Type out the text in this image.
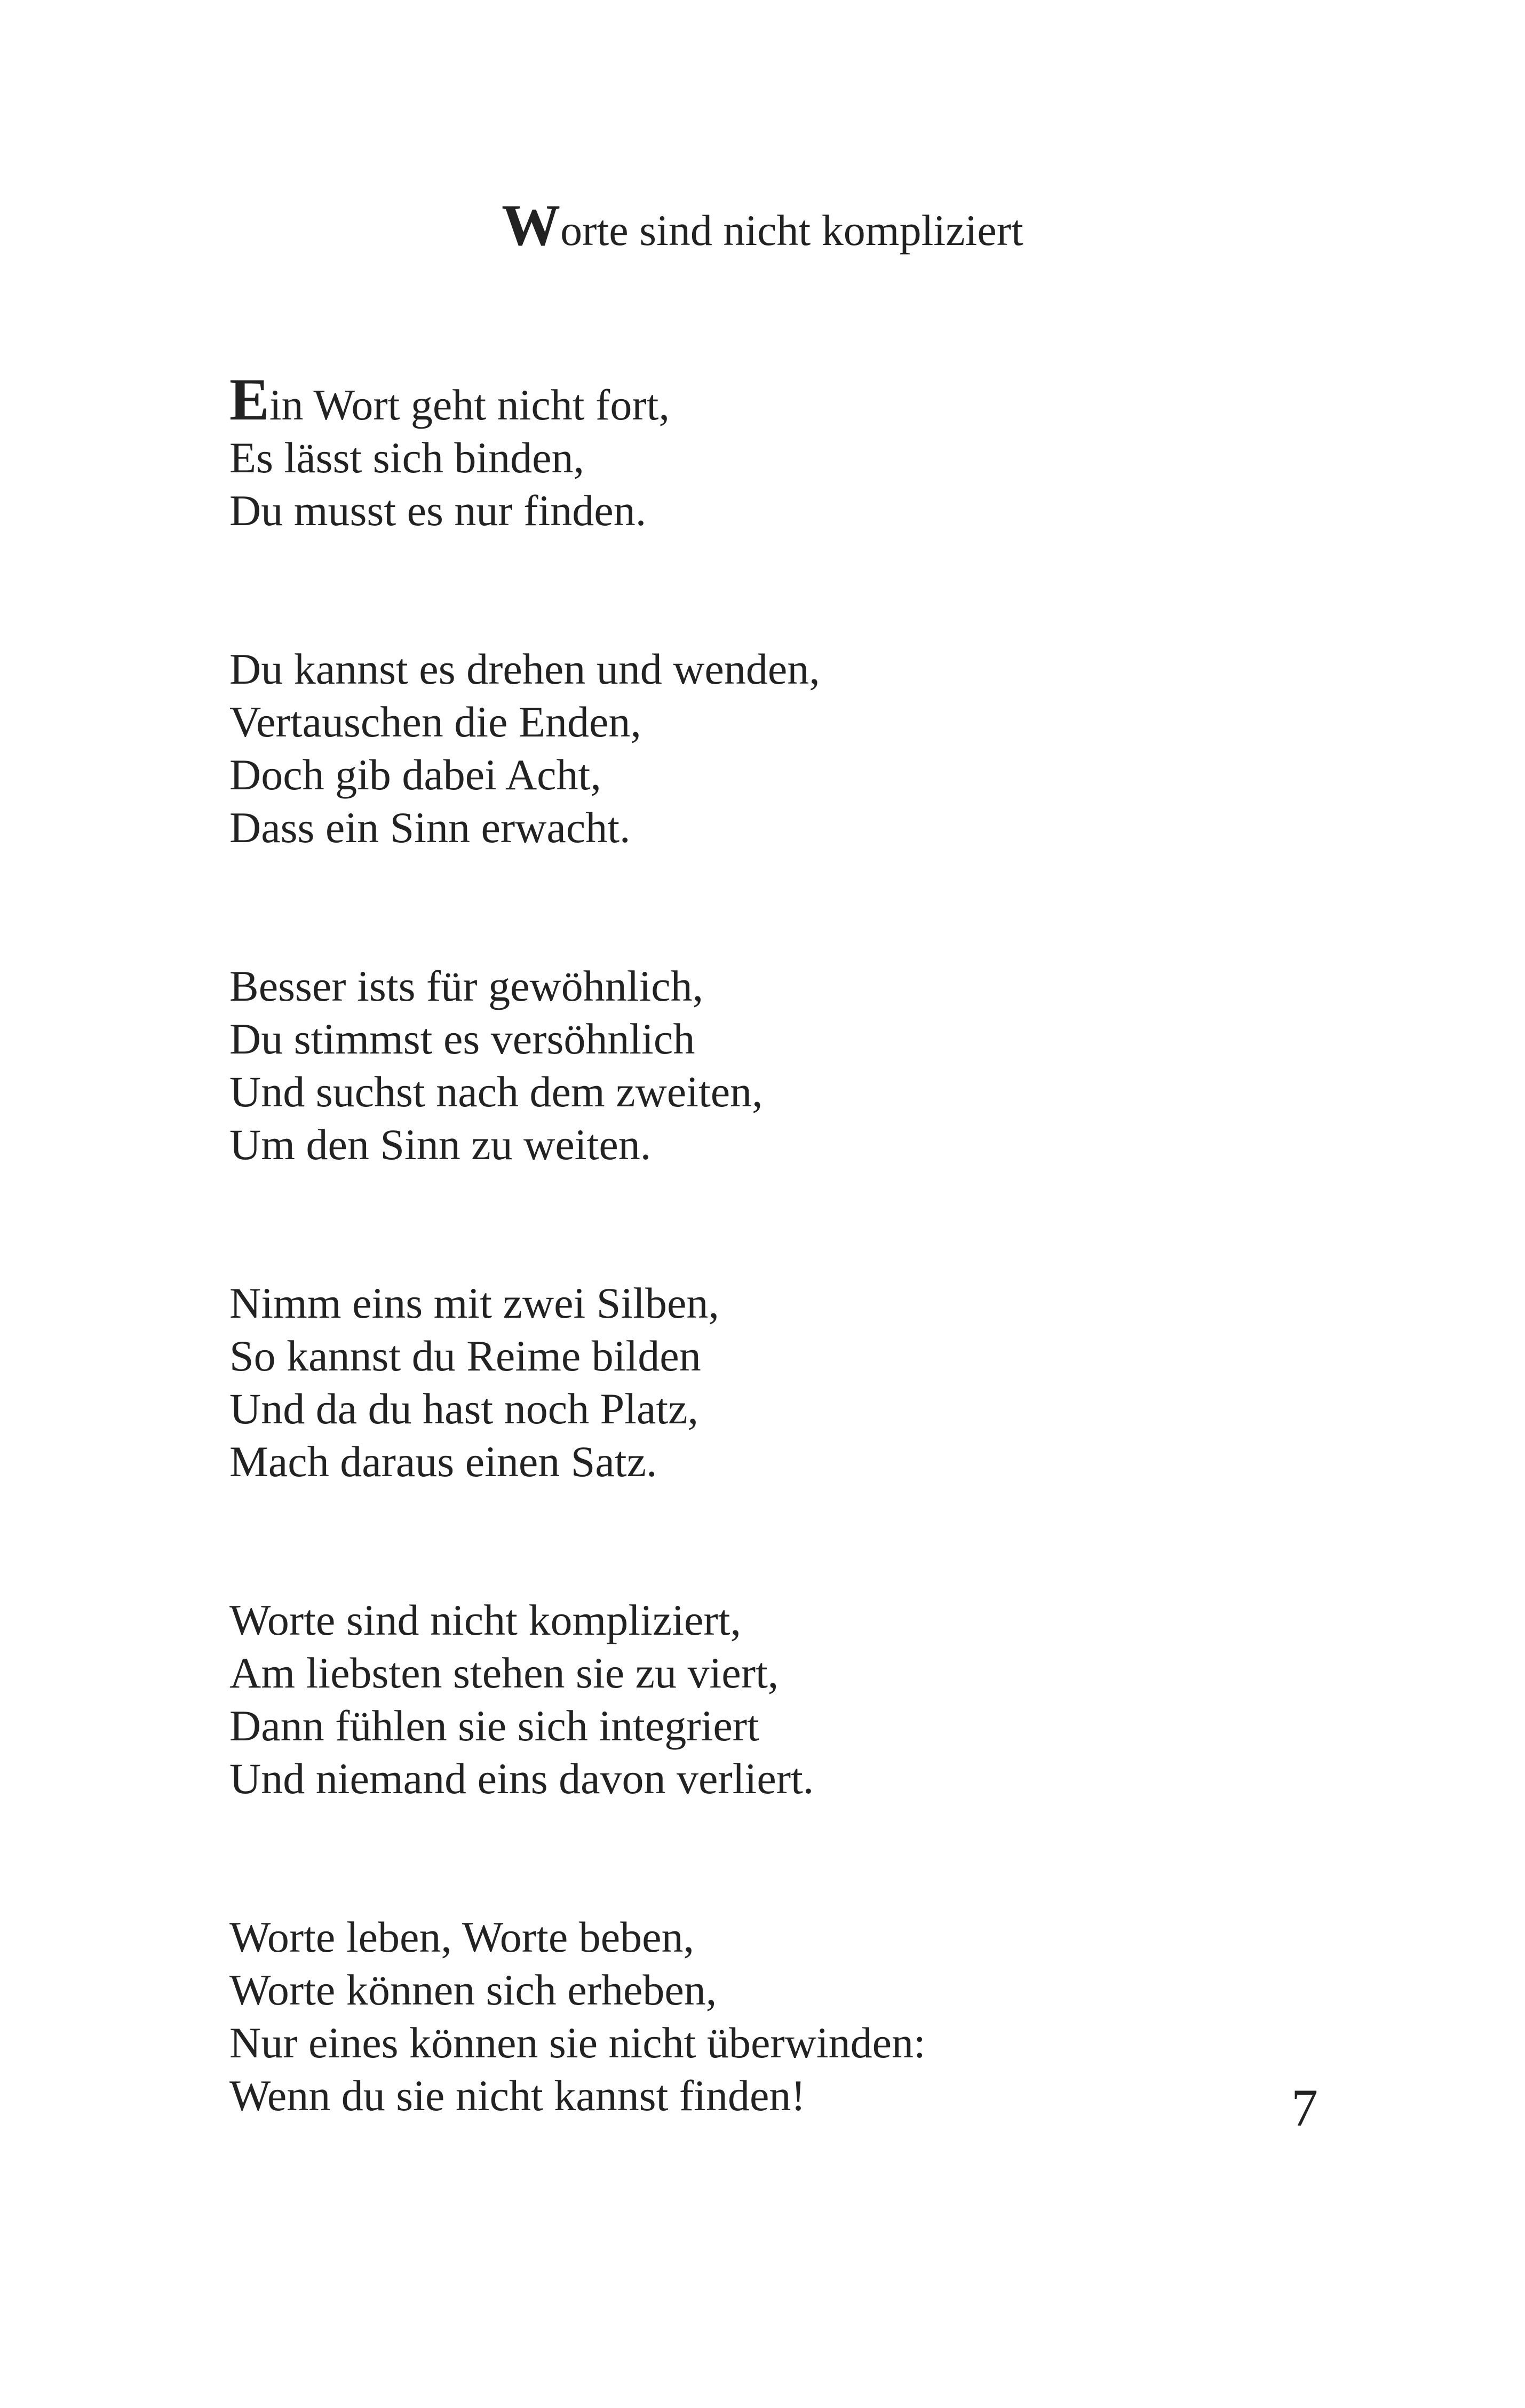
Worte sind nicht kompliziert
Ein Wort geht nicht fort,
Es lässt sich binden,
Du musst es nur finden.
Du kannst es drehen und wenden,
Vertauschen die Enden,
Doch gib dabei Acht,
Dass ein Sinn erwacht.
Besser ists für gewöhnlich,
Du stimmst es versöhnlich
Und suchst nach dem zweiten,
Um den Sinn zu weiten.
Nimm eins mit zwei Silben,
So kannst du Reime bilden
Und da du hast noch Platz,
Mach daraus einen Satz.
Worte sind nicht kompliziert,
Am liebsten stehen sie zu viert,
Dann fühlen sie sich integriert
Und niemand eins davon verliert.
Worte leben, Worte beben,
Worte können sich erheben,
Nur eines können sie nicht überwinden:
Wenn du sie nicht kannst finden!	7
